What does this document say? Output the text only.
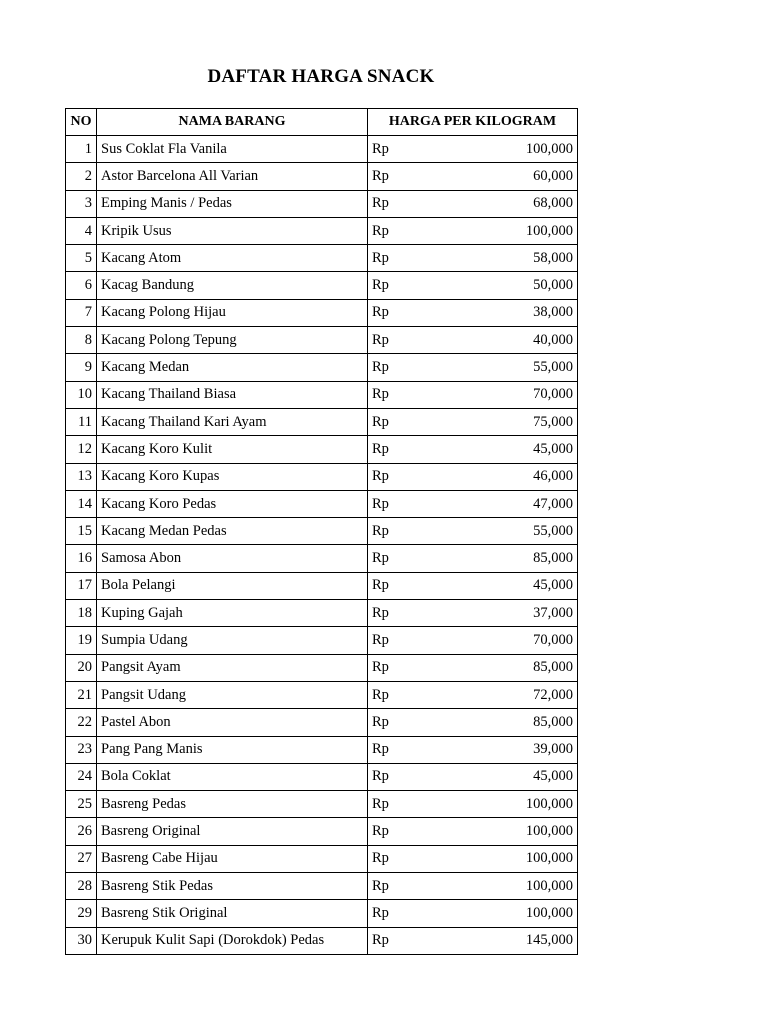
DAFTAR HARGA SNACK
NO	NAMA BARANG	HARGA PER KILOGRAM
1	Sus Coklat Fla Vanila	Rp 100,000

2	Astor Barcelona All Varian	Rp 60,000

3	Emping Manis / Pedas	Rp 68,000

4	Kripik Usus	Rp 100,000

5	Kacang Atom	Rp 58,000

6	Kacag Bandung	Rp 50,000

7	Kacang Polong Hijau	Rp 38,000

8	Kacang Polong Tepung	Rp 40,000

9	Kacang Medan	Rp 55,000

10	Kacang Thailand Biasa	Rp 70,000

11	Kacang Thailand Kari Ayam	Rp 75,000

12	Kacang Koro Kulit	Rp 45,000

13	Kacang Koro Kupas	Rp 46,000

14	Kacang Koro Pedas	Rp 47,000

15	Kacang Medan Pedas	Rp 55,000

16	Samosa Abon	Rp 85,000

17	Bola Pelangi	Rp 45,000

18	Kuping Gajah	Rp 37,000

19	Sumpia Udang	Rp 70,000

20	Pangsit Ayam	Rp 85,000

21	Pangsit Udang	Rp 72,000

22	Pastel Abon	Rp 85,000

23	Pang Pang Manis	Rp 39,000

24	Bola Coklat	Rp 45,000

25	Basreng Pedas	Rp 100,000

26	Basreng Original	Rp 100,000

27	Basreng Cabe Hijau	Rp 100,000

28	Basreng Stik Pedas	Rp 100,000

29	Basreng Stik Original	Rp 100,000

30	Kerupuk Kulit Sapi (Dorokdok) Pedas	Rp 145,000
